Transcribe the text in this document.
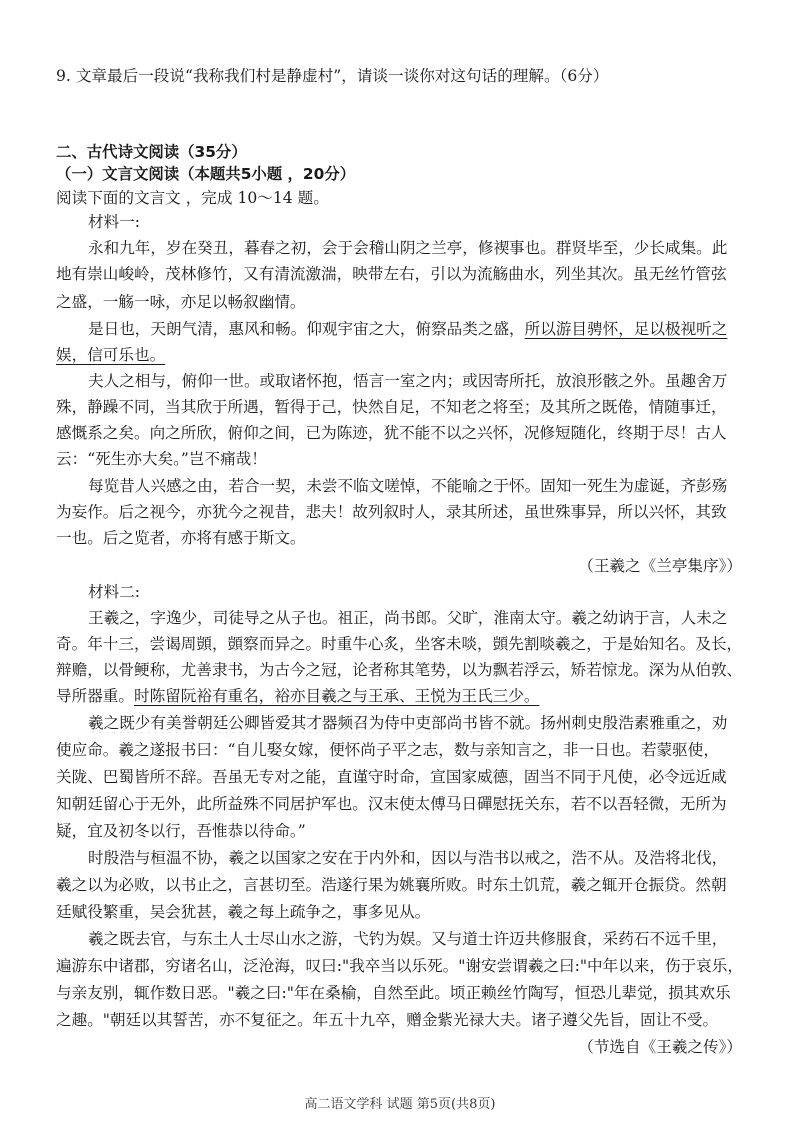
9. 文章最后一段说“我称我们村是静虚村”，请谈一谈你对这句话的理解。（6分）
二、古代诗文阅读（35分）
（一）文言文阅读（本题共5小题 ，20分）
阅读下面的文言文 ，完成 10～14 题。
材料一:
永和九年，岁在癸丑，暮春之初，会于会稽山阴之兰亭，修禊事也。群贤毕至，少长咸集。此
地有崇山峻岭，茂林修竹，又有清流激湍，映带左右，引以为流觞曲水，列坐其次。虽无丝竹管弦
之盛，一觞一咏，亦足以畅叙幽情。
是日也，天朗气清，惠风和畅。仰观宇宙之大，俯察品类之盛，所以游目骋怀，足以极视听之
娱，信可乐也。
夫人之相与，俯仰一世。或取诸怀抱，悟言一室之内；或因寄所托，放浪形骸之外。虽趣舍万
殊，静躁不同，当其欣于所遇，暂得于己，快然自足，不知老之将至；及其所之既倦，情随事迁，
感慨系之矣。向之所欣，俯仰之间，已为陈迹，犹不能不以之兴怀，况修短随化，终期于尽！古人
云：“死生亦大矣。”岂不痛哉！
每览昔人兴感之由，若合一契，未尝不临文嗟悼，不能喻之于怀。固知一死生为虚诞，齐彭殇
为妄作。后之视今，亦犹今之视昔，悲夫！故列叙时人，录其所述，虽世殊事异，所以兴怀，其致
一也。后之览者，亦将有感于斯文。
（王羲之《兰亭集序》）
材料二:
王羲之，字逸少，司徒导之从子也。祖正，尚书郎。父旷，淮南太守。羲之幼讷于言，人未之
奇。年十三，尝谒周顗，顗察而异之。时重牛心炙，坐客未啖，顗先割啖羲之，于是始知名。及长，
辩赡，以骨鲠称，尤善隶书，为古今之冠，论者称其笔势，以为飘若浮云，矫若惊龙。深为从伯敦、
导所器重。时陈留阮裕有重名，裕亦目羲之与王承、王悦为王氏三少。
羲之既少有美誉朝廷公卿皆爱其才器频召为侍中吏部尚书皆不就。扬州刺史殷浩素雅重之，劝
使应命。羲之遂报书曰：“自儿娶女嫁，便怀尚子平之志，数与亲知言之，非一日也。若蒙驱使，
关陇、巴蜀皆所不辞。吾虽无专对之能，直谨守时命，宣国家威德，固当不同于凡使，必令远近咸
知朝廷留心于无外，此所益殊不同居护军也。汉末使太傅马日磾慰抚关东，若不以吾轻微，无所为
疑，宜及初冬以行，吾惟恭以待命。”
时殷浩与桓温不协，羲之以国家之安在于内外和，因以与浩书以戒之，浩不从。及浩将北伐，
羲之以为必败，以书止之，言甚切至。浩遂行果为姚襄所败。时东土饥荒，羲之辄开仓振贷。然朝
廷赋役繁重，吴会犹甚，羲之每上疏争之，事多见从。
羲之既去官，与东土人士尽山水之游，弋钓为娱。又与道士许迈共修服食，采药石不远千里，
遍游东中诸郡，穷诸名山，泛沧海，叹曰:"我卒当以乐死。"谢安尝谓羲之曰:"中年以来，伤于哀乐，
与亲友别，辄作数日恶。"羲之曰:"年在桑榆，自然至此。顷正赖丝竹陶写，恒恐儿辈觉，损其欢乐
之趣。"朝廷以其誓苦，亦不复征之。年五十九卒，赠金紫光禄大夫。诸子遵父先旨，固让不受。
（节选自《王羲之传》）
高二语文学科 试题 第5页(共8页)
